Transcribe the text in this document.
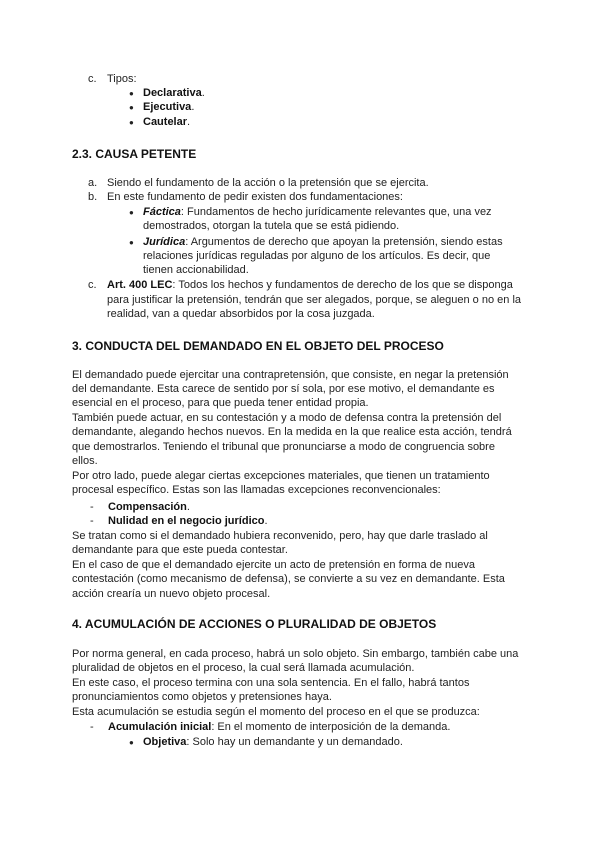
c. Tipos:
● Declarativa.
● Ejecutiva.
● Cautelar.
2.3. CAUSA PETENTE
a. Siendo el fundamento de la acción o la pretensión que se ejercita.
b. En este fundamento de pedir existen dos fundamentaciones:
● Fáctica: Fundamentos de hecho jurídicamente relevantes que, una vez
demostrados, otorgan la tutela que se está pidiendo.
● Jurídica: Argumentos de derecho que apoyan la pretensión, siendo estas
relaciones jurídicas reguladas por alguno de los artículos. Es decir, que
tienen accionabilidad.
c. Art. 400 LEC: Todos los hechos y fundamentos de derecho de los que se disponga
para justificar la pretensión, tendrán que ser alegados, porque, se aleguen o no en la
realidad, van a quedar absorbidos por la cosa juzgada.
3. CONDUCTA DEL DEMANDADO EN EL OBJETO DEL PROCESO
El demandado puede ejercitar una contrapretensión, que consiste, en negar la pretensión
del demandante. Esta carece de sentido por sí sola, por ese motivo, el demandante es
esencial en el proceso, para que pueda tener entidad propia.
También puede actuar, en su contestación y a modo de defensa contra la pretensión del
demandante, alegando hechos nuevos. En la medida en la que realice esta acción, tendrá
que demostrarlos. Teniendo el tribunal que pronunciarse a modo de congruencia sobre
ellos.
Por otro lado, puede alegar ciertas excepciones materiales, que tienen un tratamiento
procesal específico. Estas son las llamadas excepciones reconvencionales:
- Compensación.
- Nulidad en el negocio jurídico.
Se tratan como si el demandado hubiera reconvenido, pero, hay que darle traslado al
demandante para que este pueda contestar.
En el caso de que el demandado ejercite un acto de pretensión en forma de nueva
contestación (como mecanismo de defensa), se convierte a su vez en demandante. Esta
acción crearía un nuevo objeto procesal.
4. ACUMULACIÓN DE ACCIONES O PLURALIDAD DE OBJETOS
Por norma general, en cada proceso, habrá un solo objeto. Sin embargo, también cabe una
pluralidad de objetos en el proceso, la cual será llamada acumulación.
En este caso, el proceso termina con una sola sentencia. En el fallo, habrá tantos
pronunciamientos como objetos y pretensiones haya.
Esta acumulación se estudia según el momento del proceso en el que se produzca:
- Acumulación inicial: En el momento de interposición de la demanda.
● Objetiva: Solo hay un demandante y un demandado.
